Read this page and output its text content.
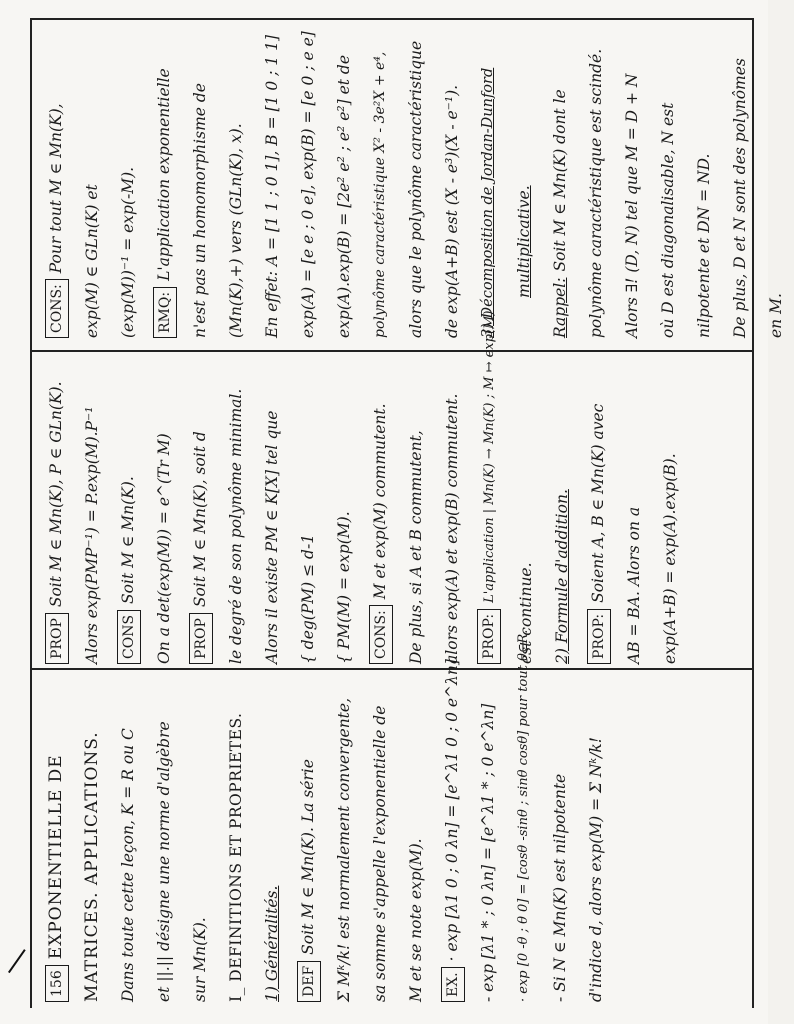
156EXPONENTIELLE DE MATRICES. APPLICATIONS.	Dans toute cette leçon, K = R ou C	et ||.|| désigne une norme d'algèbre	sur Mn(K).	I_ DEFINITIONS ET PROPRIETES.	1) Généralités.	DEFSoit M ∈ Mn(K). La série	Σ Mᵏ/k! est normalement convergente,	sa somme s'appelle l'exponentielle de	M et se note exp(M).	EX.· exp [λ1 0 ; 0 λn] = [e^λ1 0 ; 0 e^λn]	- exp [λ1 * ; 0 λn] = [e^λ1 * ; 0 e^λn]	· exp [0 -θ ; θ 0] = [cosθ -sinθ ; sinθ cosθ] pour tout θ∈R.	- Si N ∈ Mn(K) est nilpotente	d'indice d, alors exp(M) = Σ Nᵏ/k!
PROPSoit M ∈ Mn(K), P ∈ GLn(K).	Alors exp(PMP⁻¹) = P.exp(M).P⁻¹	CONSSoit M ∈ Mn(K).	On a det(exp(M)) = e^(Tr M)	PROPSoit M ∈ Mn(K), soit d	le degré de son polynôme minimal.	Alors il existe PM ∈ K[X] tel que	{ deg(PM) ≤ d-1	{ PM(M) = exp(M).	CONS:M et exp(M) commutent.	De plus, si A et B commutent,	alors exp(A) et exp(B) commutent.	PROP:L'application | Mn(K) → Mn(K) ; M ↦ exp(M)
est continue.	2) Formule d'addition.	PROP:Soient A, B ∈ Mn(K) avec	AB = BA. Alors on a	exp(A+B) = exp(A).exp(B).
CONS:Pour tout M ∈ Mn(K),	exp(M) ∈ GLn(K) et	(exp(M))⁻¹ = exp(-M).	RMQ:L'application exponentielle	n'est pas un homomorphisme de	(Mn(K),+) vers (GLn(K), x).	En effet: A = [1 1 ; 0 1], B = [1 0 ; 1 1]	exp(A) = [e e ; 0 e], exp(B) = [e 0 ; e e]	exp(A).exp(B) = [2e² e² ; e² e²] et de	polynôme caractéristique X² - 3e²X + e⁴,	alors que le polynôme caractéristique	de exp(A+B) est (X - e³)(X - e⁻¹).	3) Décomposition de Jordan-Dunford	multiplicative.
Rappel:Soit M ∈ Mn(K) dont le	polynôme caractéristique est scindé.	Alors ∃! (D, N) tel que M = D + N	où D est diagonalisable, N est	nilpotente et DN = ND.	De plus, D et N sont des polynômes	en M.
